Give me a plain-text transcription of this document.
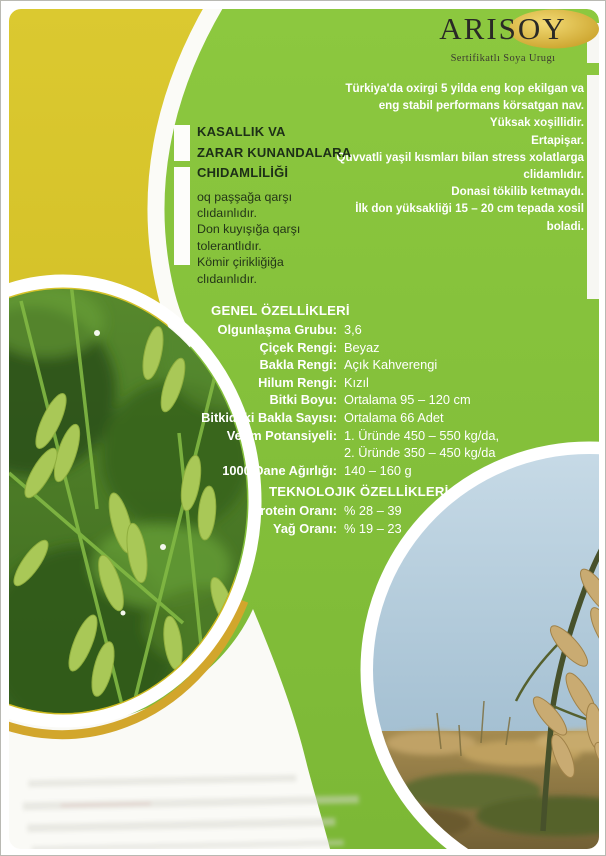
ARISOY
Sertifikatlı Soya Urugı
Türkiya'da oxirgi 5 yilda eng kop ekilgan va
eng stabil performans körsatgan nav.
Yüksak xoşillidir.
Ertapişar.
Quvvatli yaşil kısmları bilan stress xolatlarga
clidamlıdır.
Donasi tökilib ketmaydı.
İlk don yüksakliği 15 – 20 cm tepada xosil
boladi.
KASALLIK VA
ZARAR KUNANDALARA
CHIDAMLİLİĞİ
oq paşşağa qarşı
clıdaınlıdır.
Don kuyışığa qarşı
tolerantlıdır.
Kömir çirikliğiğa
clıdaınlıdır.
GENEL ÖZELLİKLERİ
Olgunlaşma Grubu: 3,6
Çiçek Rengi: Beyaz
Bakla Rengi: Açık Kahverengi
Hilum Rengi: Kızıl
Bitki Boyu: Ortalama 95 – 120 cm
Bitkideki Bakla Sayısı: Ortalama 66 Adet
Verim Potansiyeli: 1. Üründe 450 – 550 kg/da,
2. Üründe 350 – 450 kg/da
1000 Dane Ağırlığı: 140 – 160 g
TEKNOLOJIK ÖZELLİKLERİ
Protein Oranı: % 28 – 39
Yağ Oranı: % 19 – 23
